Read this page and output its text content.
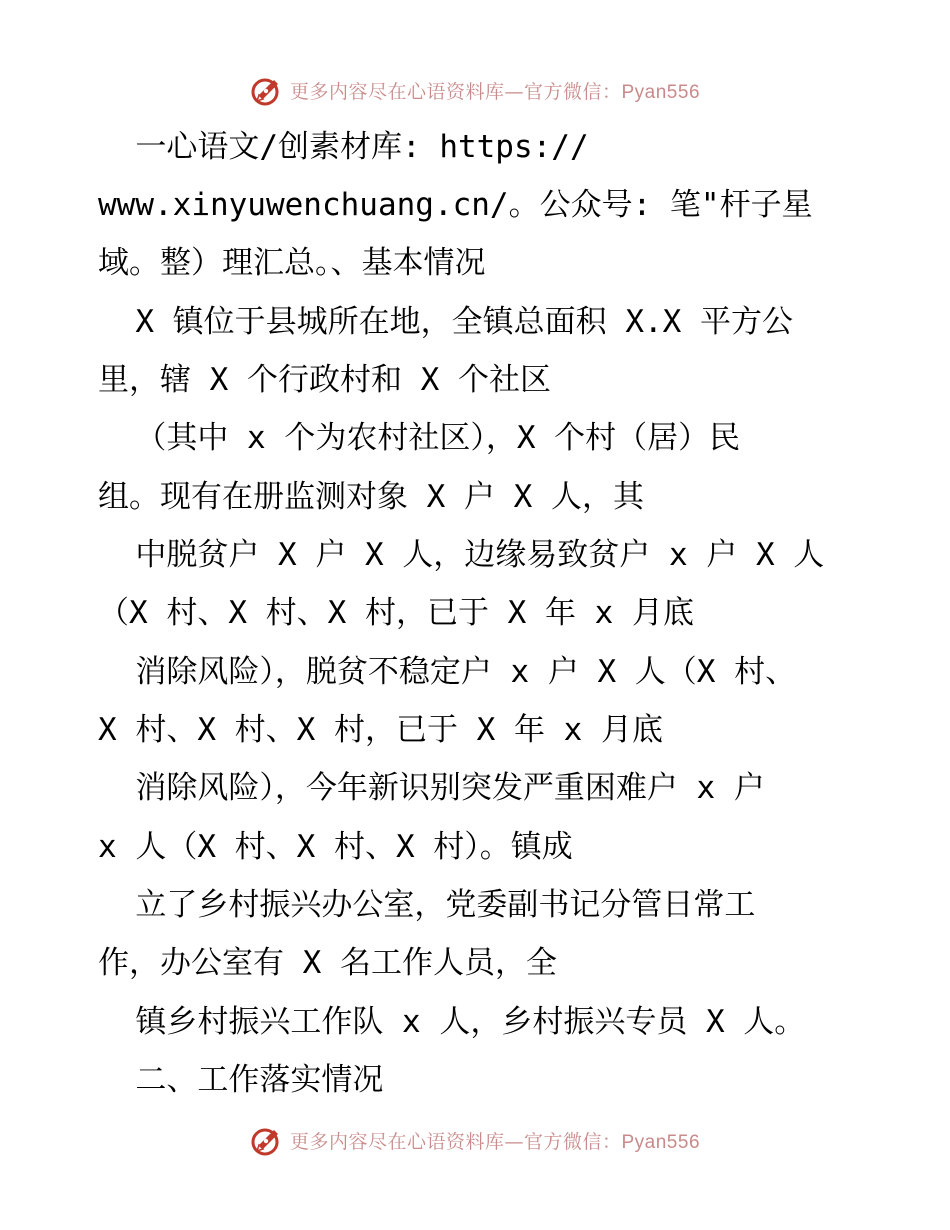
更多内容尽在心语资料库—官方微信：Pyan556
一心语文/创素材库: https://
www.xinyuwenchuang.cn/。公众号: 笔"杆子星
域。整）理汇总。、基本情况
X 镇位于县城所在地，全镇总面积 X.X 平方公
里，辖 X 个行政村和 X 个社区
（其中 x 个为农村社区），X 个村（居）民
组。现有在册监测对象 X 户 X 人，其
中脱贫户 X 户 X 人，边缘易致贫户 x 户 X 人
（X 村、X 村、X 村，已于 X 年 x 月底
消除风险），脱贫不稳定户 x 户 X 人（X 村、
X 村、X 村、X 村，已于 X 年 x 月底
消除风险），今年新识别突发严重困难户 x 户
x 人（X 村、X 村、X 村）。镇成
立了乡村振兴办公室，党委副书记分管日常工
作，办公室有 X 名工作人员，全
镇乡村振兴工作队 x 人，乡村振兴专员 X 人。
二、工作落实情况
更多内容尽在心语资料库—官方微信：Pyan556
